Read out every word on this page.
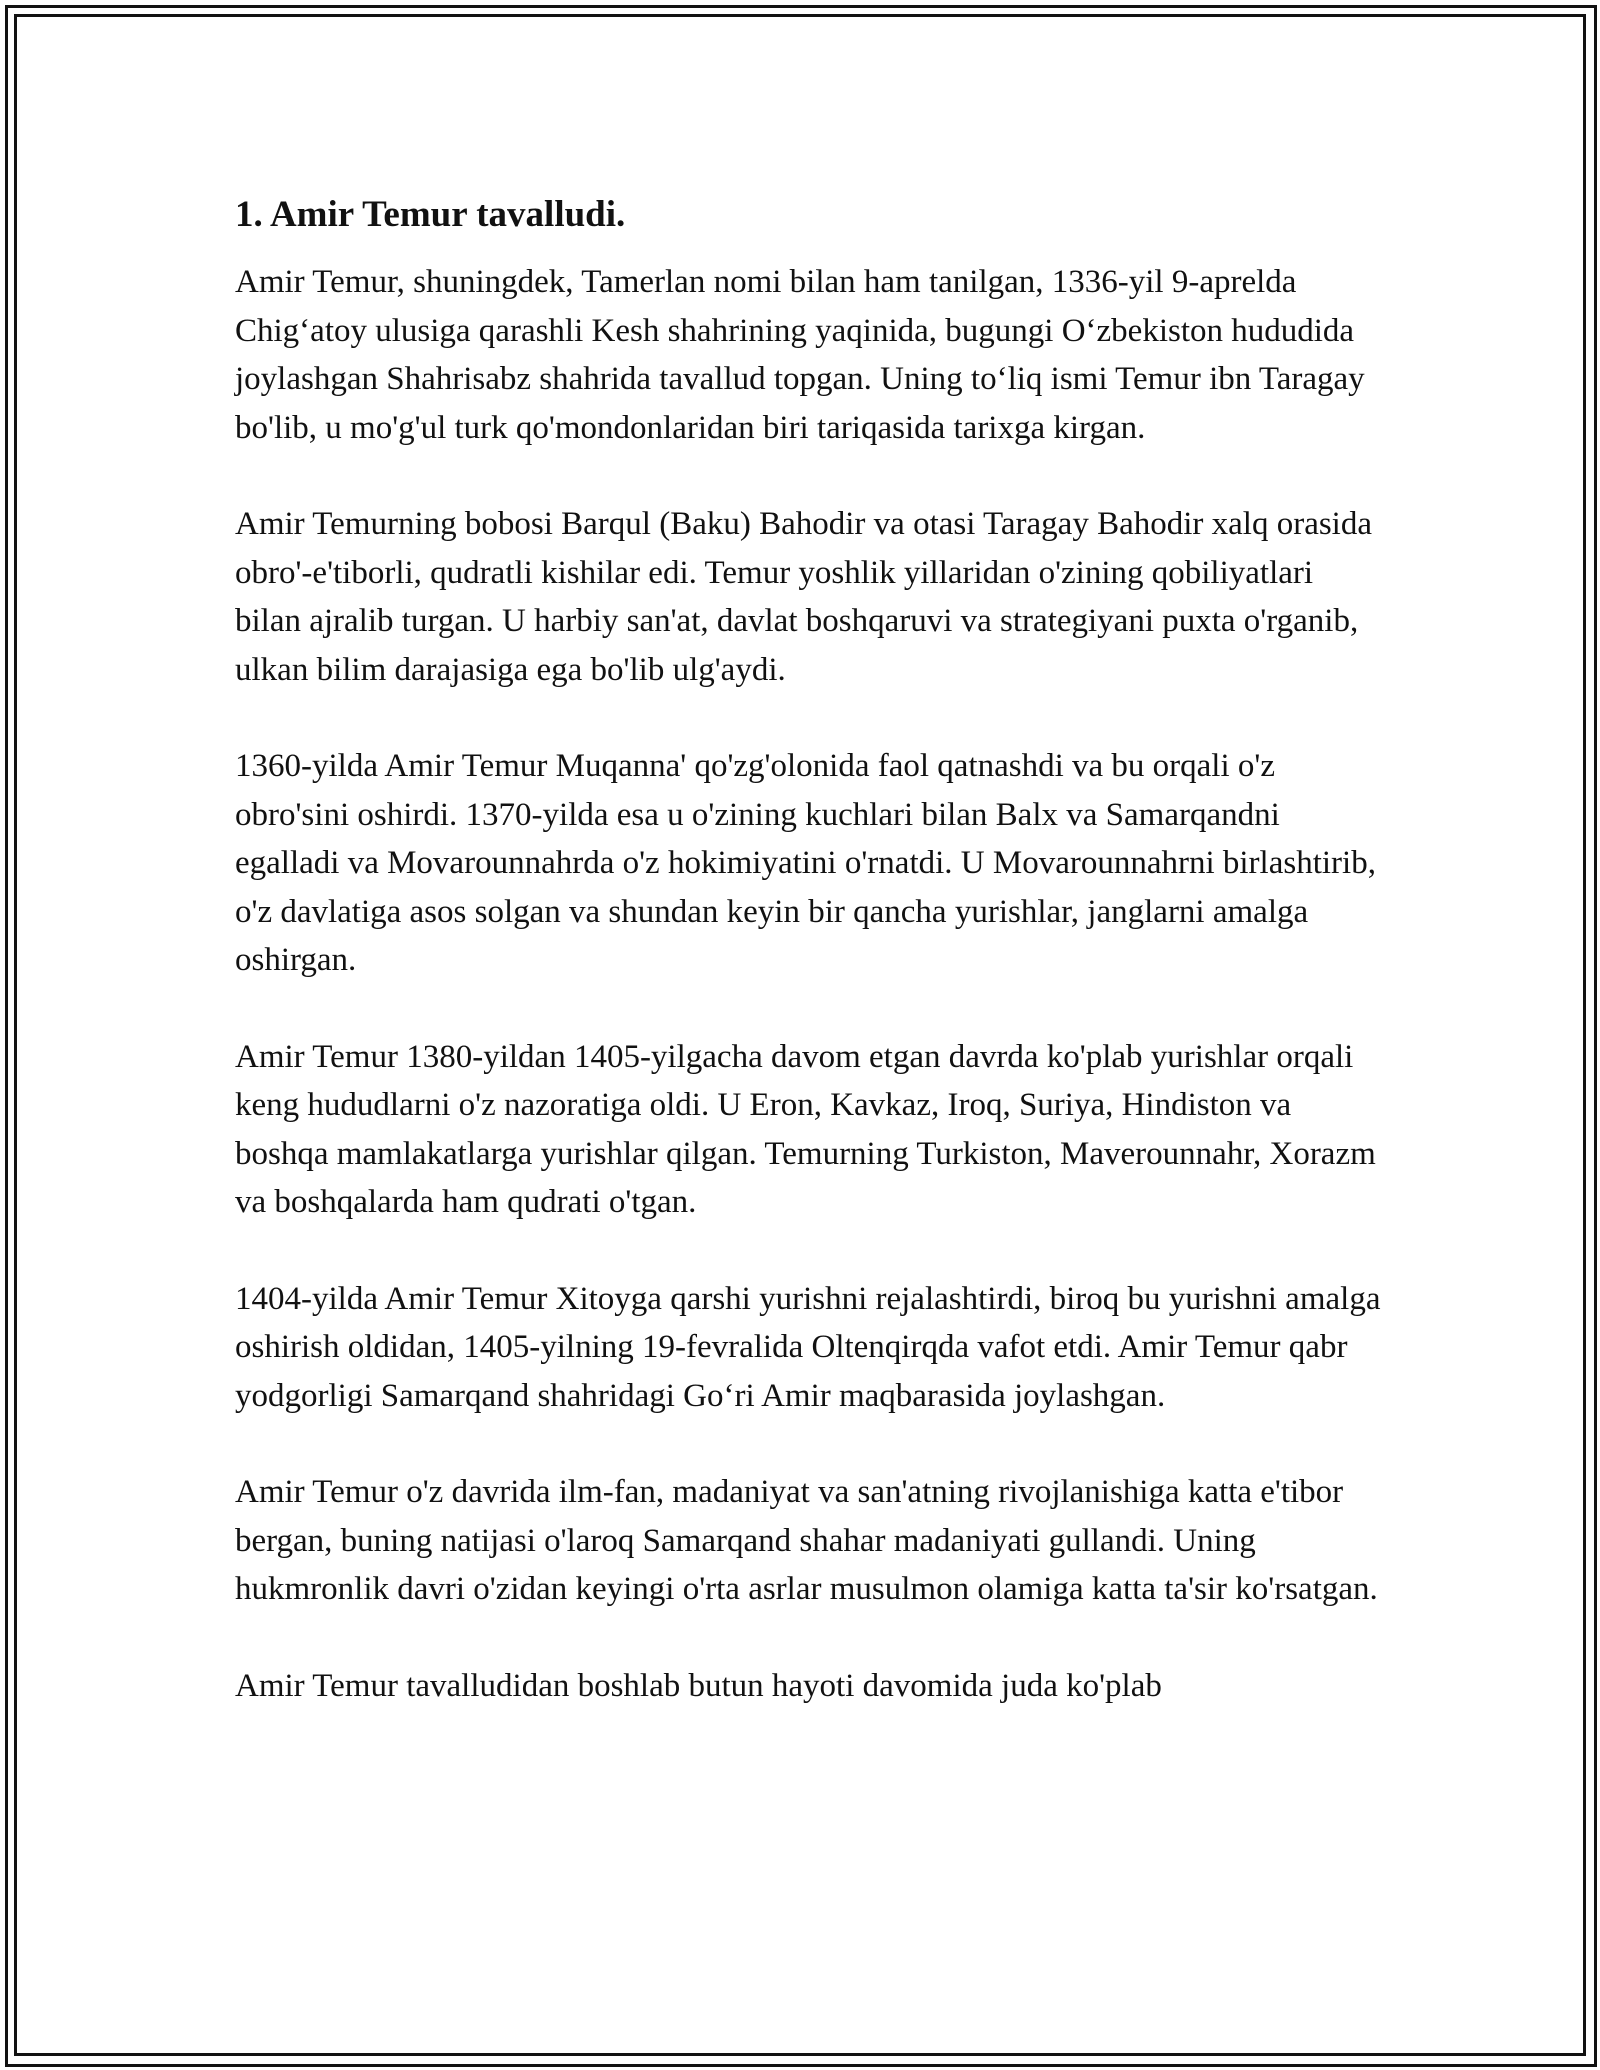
1. Amir Temur tavalludi.

Amir Temur, shuningdek, Tamerlan nomi bilan ham tanilgan, 1336-yil 9-aprelda Chig‘atoy ulusiga qarashli Kesh shahrining yaqinida, bugungi O‘zbekiston hududida joylashgan Shahrisabz shahrida tavallud topgan. Uning to‘liq ismi Temur ibn Taragay bo'lib, u mo'g'ul turk qo'mondonlaridan biri tariqasida tarixga kirgan.

Amir Temurning bobosi Barqul (Baku) Bahodir va otasi Taragay Bahodir xalq orasida obro'-e'tiborli, qudratli kishilar edi. Temur yoshlik yillaridan o'zining qobiliyatlari bilan ajralib turgan. U harbiy san'at, davlat boshqaruvi va strategiyani puxta o'rganib, ulkan bilim darajasiga ega bo'lib ulg'aydi.

1360-yilda Amir Temur Muqanna' qo'zg'olonida faol qatnashdi va bu orqali o'z obro'sini oshirdi. 1370-yilda esa u o'zining kuchlari bilan Balx va Samarqandni egalladi va Movarounnahrda o'z hokimiyatini o'rnatdi. U Movarounnahrni birlashtirib, o'z davlatiga asos solgan va shundan keyin bir qancha yurishlar, janglarni amalga oshirgan.

Amir Temur 1380-yildan 1405-yilgacha davom etgan davrda ko'plab yurishlar orqali keng hududlarni o'z nazoratiga oldi. U Eron, Kavkaz, Iroq, Suriya, Hindiston va boshqa mamlakatlarga yurishlar qilgan. Temurning Turkiston, Maverounnahr, Xorazm va boshqalarda ham qudrati o'tgan.

1404-yilda Amir Temur Xitoyga qarshi yurishni rejalashtirdi, biroq bu yurishni amalga oshirish oldidan, 1405-yilning 19-fevralida Oltenqirqda vafot etdi. Amir Temur qabr yodgorligi Samarqand shahridagi Go‘ri Amir maqbarasida joylashgan.

Amir Temur o'z davrida ilm-fan, madaniyat va san'atning rivojlanishiga katta e'tibor bergan, buning natijasi o'laroq Samarqand shahar madaniyati gullandi. Uning hukmronlik davri o'zidan keyingi o'rta asrlar musulmon olamiga katta ta'sir ko'rsatgan.

Amir Temur tavalludidan boshlab butun hayoti davomida juda ko'plab
